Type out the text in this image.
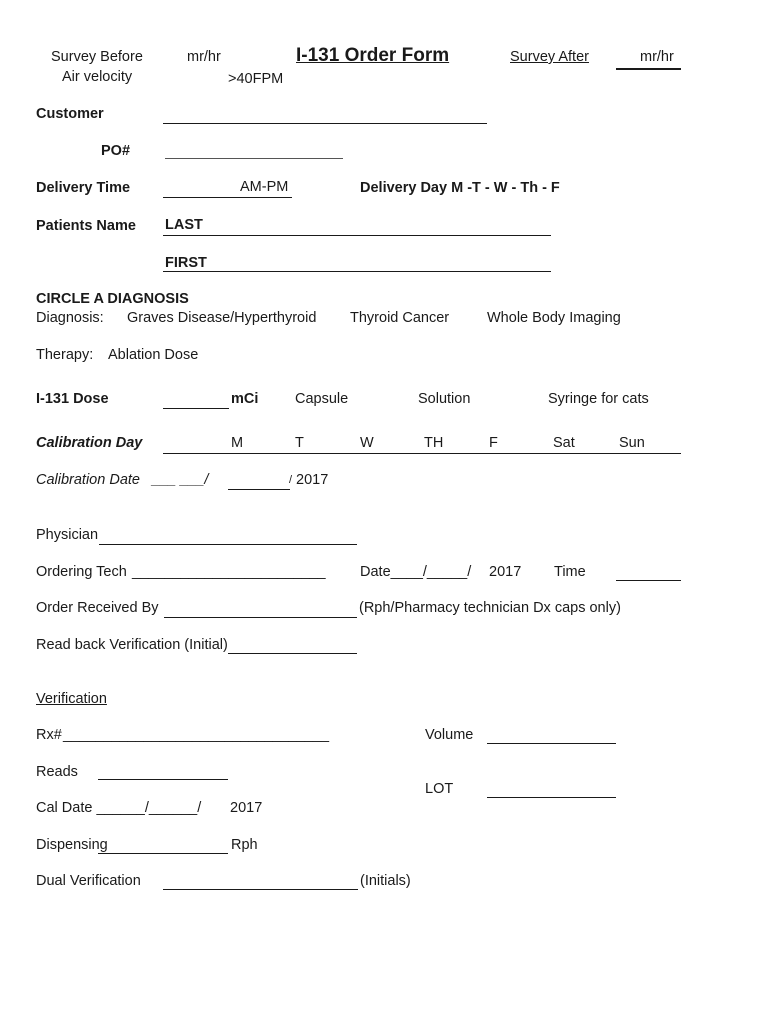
Survey Before	mr/hr
Air velocity	>40FPM
I-131 Order Form	Survey After	mr/hr
Customer
PO#
Delivery Time	AM-PM	Delivery Day M -T - W - Th - F
Patients Name LAST
FIRST
CIRCLE A DIAGNOSIS
Diagnosis: Graves Disease/Hyperthyroid Thyroid Cancer	Whole Body Imaging
Therapy: Ablation Dose
I-131 Dose	mCi	Capsule	Solution	Syringe for cats
Calibration Day	M	T	W	TH	F	Sat	Sun
Calibration Date ___ ___/	/ 2017
Physician
Ordering Tech ________________________ Date____/_____/ 2017 Time
Order Received By	(Rph/Pharmacy technician Dx caps only)
Read back Verification (Initial)
Verification
Rx# _________________________________	Volume
Reads
LOT
Cal Date ______/______/ 2017
Dispensing	Rph
Dual Verification	(Initials)
